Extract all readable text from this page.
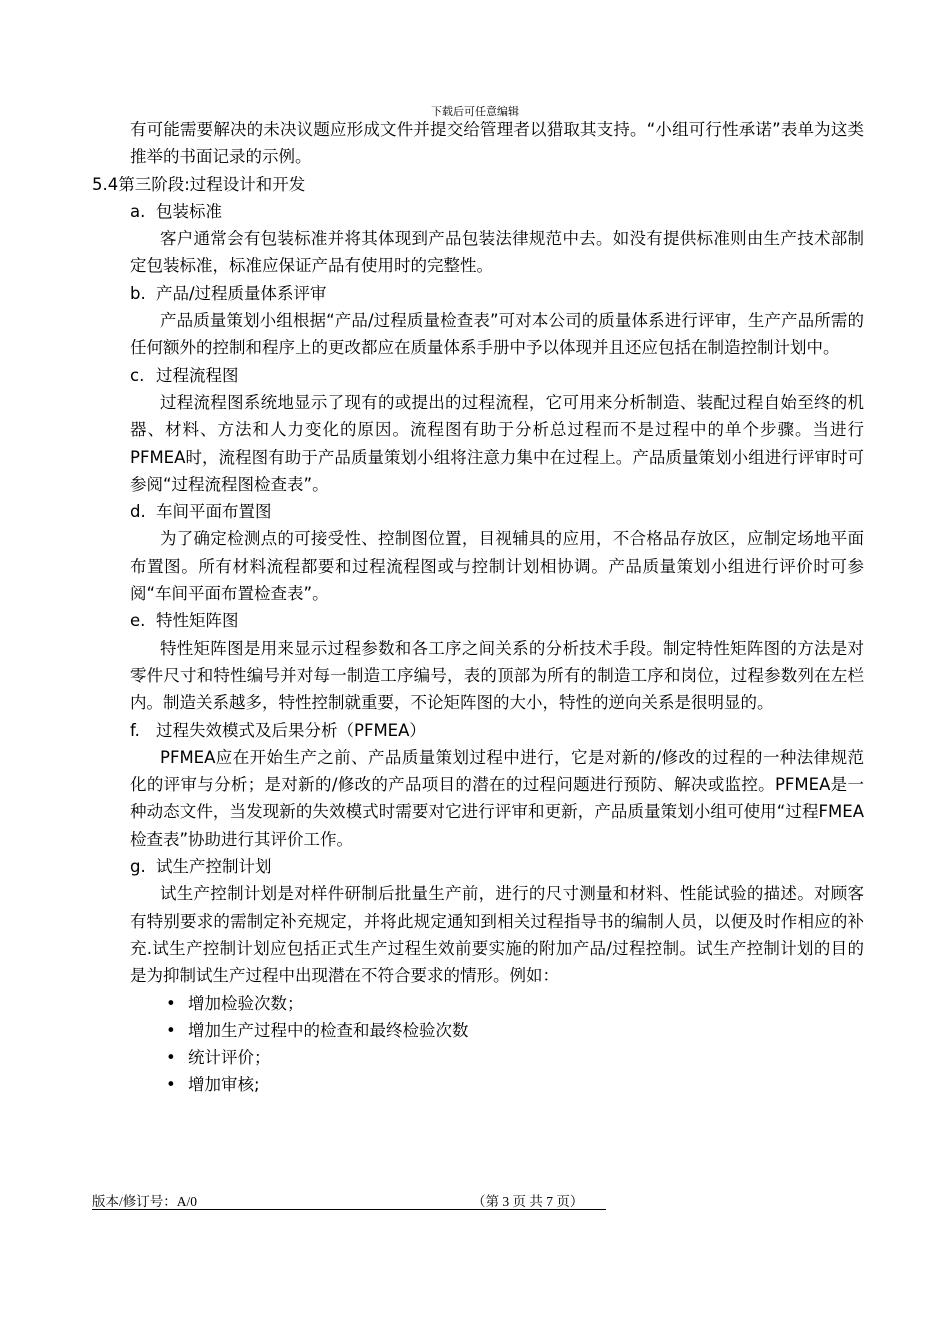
下载后可任意编辑

有可能需要解决的未决议题应形成文件并提交给管理者以猎取其支持。“小组可行性承诺”表单为这类推举的书面记录的示例。

5.4第三阶段:过程设计和开发

a. 包装标准

客户通常会有包装标准并将其体现到产品包装法律规范中去。如没有提供标准则由生产技术部制定包装标准，标准应保证产品有使用时的完整性。

b. 产品/过程质量体系评审

产品质量策划小组根据“产品/过程质量检查表”可对本公司的质量体系进行评审，生产产品所需的任何额外的控制和程序上的更改都应在质量体系手册中予以体现并且还应包括在制造控制计划中。

c. 过程流程图

过程流程图系统地显示了现有的或提出的过程流程，它可用来分析制造、装配过程自始至终的机器、材料、方法和人力变化的原因。流程图有助于分析总过程而不是过程中的单个步骤。当进行PFMEA时，流程图有助于产品质量策划小组将注意力集中在过程上。产品质量策划小组进行评审时可参阅“过程流程图检查表”。

d. 车间平面布置图

为了确定检测点的可接受性、控制图位置，目视辅具的应用，不合格品存放区，应制定场地平面布置图。所有材料流程都要和过程流程图或与控制计划相协调。产品质量策划小组进行评价时可参阅“车间平面布置检查表”。

e. 特性矩阵图

特性矩阵图是用来显示过程参数和各工序之间关系的分析技术手段。制定特性矩阵图的方法是对零件尺寸和特性编号并对每一制造工序编号，表的顶部为所有的制造工序和岗位，过程参数列在左栏内。制造关系越多，特性控制就重要，不论矩阵图的大小，特性的逆向关系是很明显的。

f. 过程失效模式及后果分析（PFMEA）

PFMEA应在开始生产之前、产品质量策划过程中进行，它是对新的/修改的过程的一种法律规范化的评审与分析；是对新的/修改的产品项目的潜在的过程问题进行预防、解决或监控。PFMEA是一种动态文件，当发现新的失效模式时需要对它进行评审和更新，产品质量策划小组可使用“过程FMEA检查表”协助进行其评价工作。

g. 试生产控制计划

试生产控制计划是对样件研制后批量生产前，进行的尺寸测量和材料、性能试验的描述。对顾客有特别要求的需制定补充规定，并将此规定通知到相关过程指导书的编制人员，以便及时作相应的补充.试生产控制计划应包括正式生产过程生效前要实施的附加产品/过程控制。试生产控制计划的目的是为抑制试生产过程中出现潜在不符合要求的情形。例如：

• 增加检验次数；
• 增加生产过程中的检查和最终检验次数
• 统计评价；
• 增加审核;
版本/修订号：A/0	（第 3 页 共 7 页）
